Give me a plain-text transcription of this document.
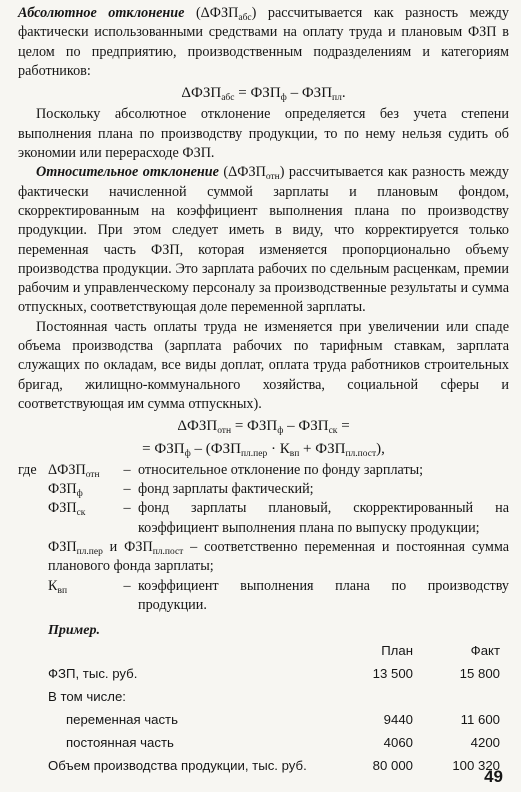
Абсолютное отклонение $(\Delta ФЗП_{абс})$ рассчитывается как разность между фактически использованными средствами на оплату труда и плановым ФЗП в целом по предприятию, производственным подразделениям и категориям работников:

$\Delta ФЗП_{абс} = ФЗП_ф - ФЗП_{пл}$.

Поскольку абсолютное отклонение определяется без учета степени выполнения плана по производству продукции, то по нему нельзя судить об экономии или перерасходе ФЗП.

Относительное отклонение $(\Delta ФЗП_{отн})$ рассчитывается как разность между фактически начисленной суммой зарплаты и плановым фондом, скорректированным на коэффициент выполнения плана по производству продукции. При этом следует иметь в виду, что корректируется только переменная часть ФЗП, которая изменяется пропорционально объему производства продукции. Это зарплата рабочих по сдельным расценкам, премии рабочим и управленческому персоналу за производственные результаты и сумма отпускных, соответствующая доле переменной зарплаты.

Постоянная часть оплаты труда не изменяется при увеличении или спаде объема производства (зарплата рабочих по тарифным ставкам, зарплата служащих по окладам, все виды доплат, оплата труда работников строительных бригад, жилищно-коммунального хозяйства, социальной сферы и соответствующая им сумма отпускных).

$\Delta ФЗП_{отн} = ФЗП_ф - ФЗП_{ск}$ =
= $ФЗП_ф - (ФЗП_{пл.пер} \cdot К_{вп} + ФЗП_{пл.пост})$,
где $\Delta ФЗП_{отн}$	– относительное отклонение по фонду зарплаты;
$ФЗП_ф$	– фонд зарплаты фактический;
$ФЗП_{ск}$	– фонд зарплаты плановый, скорректированный на коэффициент выполнения плана по выпуску продукции;
$ФЗП_{пл.пер}$ и $ФЗП_{пл.пост}$ – соответственно переменная и постоянная сумма планового фонда зарплаты;
$К_{вп}$	– коэффициент выполнения плана по производству продукции.
Пример.
	План	Факт
ФЗП, тыс. руб.	13 500	15 800
В том числе:		
переменная часть	9440	11 600
постоянная часть	4060	4200
Объем производства продукции, тыс. руб.	80 000	100 320
49
